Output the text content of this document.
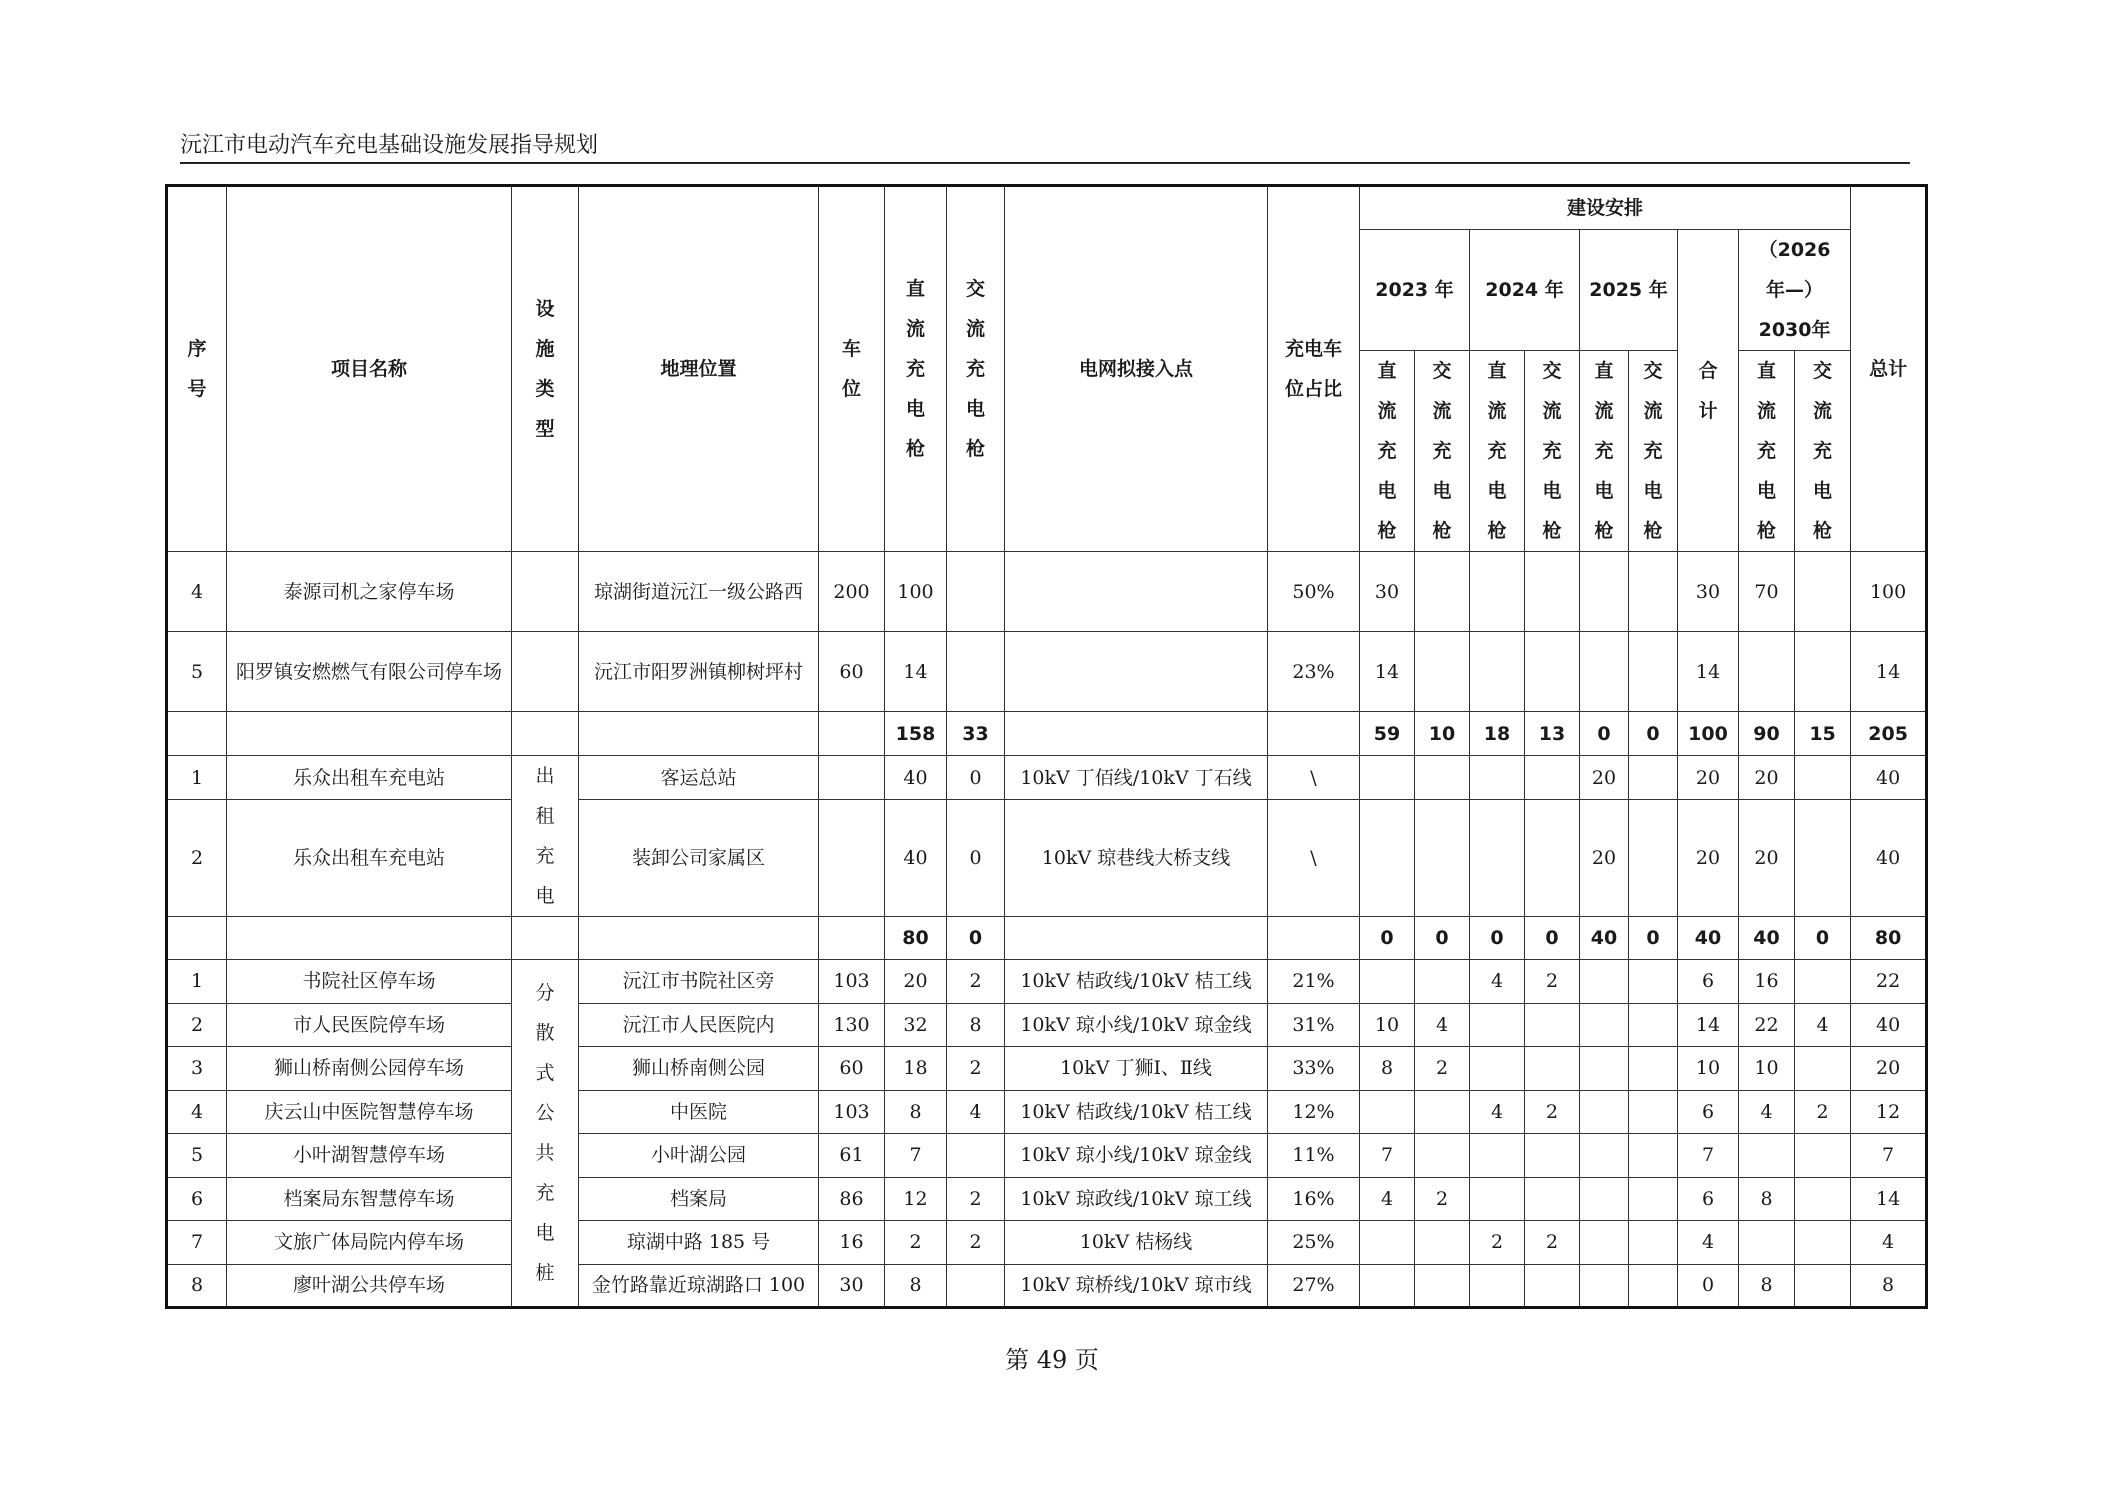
沅江市电动汽车充电基础设施发展指导规划
序号	项目名称	设施类型	地理位置	车位	直流充电枪	交流充电枪	电网拟接入点	充电车位占比	建设安排									总计
									2023 年		2024 年		2025 年		合计	（2026 年—）2030年		
									直流充电枪	交流充电枪	直流充电枪	交流充电枪	直流充电枪	交流充电枪		直流充电枪	交流充电枪	
4	泰源司机之家停车场		琼湖街道沅江一级公路西	200	100			50%	30						30	70		100
5	阳罗镇安燃燃气有限公司停车场		沅江市阳罗洲镇柳树坪村	60	14			23%	14						14			14
					158	33			59	10	18	13	0	0	100	90	15	205
1	乐众出租车充电站	出租充电	客运总站		40	0	10kV 丁佰线/10kV 丁石线	\					20		20	20		40
2	乐众出租车充电站		装卸公司家属区		40	0	10kV 琼巷线大桥支线	\					20		20	20		40
					80	0			0	0	0	0	40	0	40	40	0	80
1	书院社区停车场	分散式公共充电桩	沅江市书院社区旁	103	20	2	10kV 桔政线/10kV 桔工线	21%			4	2			6	16		22
2	市人民医院停车场		沅江市人民医院内	130	32	8	10kV 琼小线/10kV 琼金线	31%	10	4					14	22	4	40
3	狮山桥南侧公园停车场		狮山桥南侧公园	60	18	2	10kV 丁狮Ⅰ、Ⅱ线	33%	8	2					10	10		20
4	庆云山中医院智慧停车场		中医院	103	8	4	10kV 桔政线/10kV 桔工线	12%			4	2			6	4	2	12
5	小叶湖智慧停车场		小叶湖公园	61	7		10kV 琼小线/10kV 琼金线	11%	7						7			7
6	档案局东智慧停车场		档案局	86	12	2	10kV 琼政线/10kV 琼工线	16%	4	2					6	8		14
7	文旅广体局院内停车场		琼湖中路 185 号	16	2	2	10kV 桔杨线	25%			2	2			4			4
8	廖叶湖公共停车场		金竹路靠近琼湖路口 100	30	8		10kV 琼桥线/10kV 琼市线	27%							0	8		8
第 49 页
